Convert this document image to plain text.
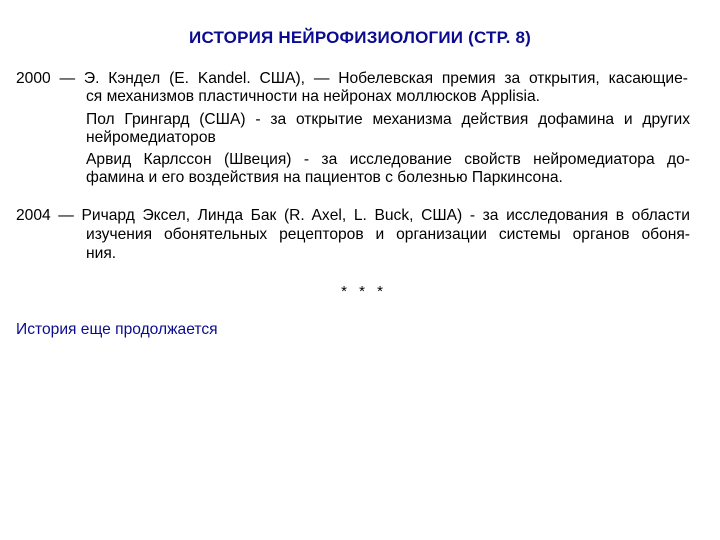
ИСТОРИЯ НЕЙРОФИЗИОЛОГИИ (СТР. 8)
2000 — Э. Кэндел (E. Kandel. США), — Нобелевская премия за открытия, касающие-
ся механизмов пластичности на нейронах моллюсков Applisia.
Пол Грингард (США) - за открытие механизма действия дофамина и других
нейромедиаторов
Арвид Карлссон (Швеция) - за исследование свойств нейромедиатора до-
фамина и его воздействия на пациентов с болезнью Паркинсона.
2004 — Ричард Эксел, Линда Бак (R. Axel, L. Buck, США) - за исследования в области
изучения обонятельных рецепторов и организации системы органов обоня-
ния.
* * *
История еще продолжается
